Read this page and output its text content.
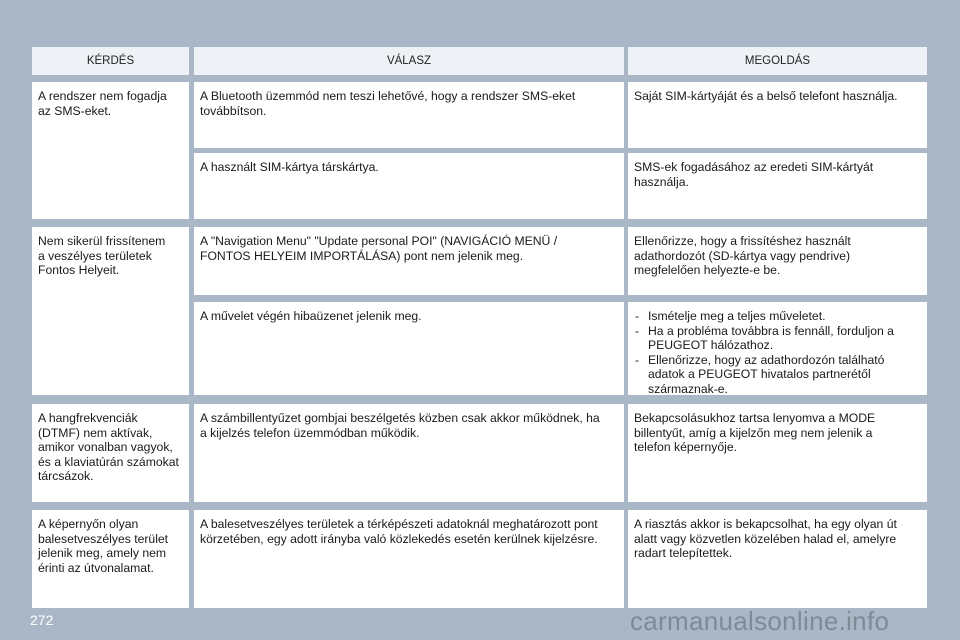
KÉRDÉS	VÁLASZ	MEGOLDÁS
A rendszer nem fogadja
az SMS-eket.
A Bluetooth üzemmód nem teszi lehetővé, hogy a rendszer SMS-eket
továbbítson.
Saját SIM-kártyáját és a belső telefont használja.
A használt SIM-kártya társkártya.	SMS-ek fogadásához az eredeti SIM-kártyát
használja.
Nem sikerül frissítenem
a veszélyes területek
Fontos Helyeit.
A "Navigation Menu" "Update personal POI" (NAVIGÁCIÓ MENÜ /
FONTOS HELYEIM IMPORTÁLÁSA) pont nem jelenik meg.
Ellenőrizze, hogy a frissítéshez használt
adathordozót (SD-kártya vagy pendrive)
megfelelően helyezte-e be.
A művelet végén hibaüzenet jelenik meg.
-	Ismételje meg a teljes műveletet.
- Ha a probléma továbbra is fennáll, forduljon a
PEUGEOT hálózathoz.
- Ellenőrizze, hogy az adathordozón található
adatok a PEUGEOT hivatalos partnerétől
származnak-e.
A hangfrekvenciák
(DTMF) nem aktívak,
amikor vonalban vagyok,
és a klaviatúrán számokat
tárcsázok.
A számbillentyűzet gombjai beszélgetés közben csak akkor működnek, ha
a kijelzés telefon üzemmódban működik.
Bekapcsolásukhoz tartsa lenyomva a MODE
billentyűt, amíg a kijelzőn meg nem jelenik a
telefon képernyője.
A képernyőn olyan
balesetveszélyes terület
jelenik meg, amely nem
érinti az útvonalamat.
A balesetveszélyes területek a térképészeti adatoknál meghatározott pont
körzetében, egy adott irányba való közlekedés esetén kerülnek kijelzésre.
A riasztás akkor is bekapcsolhat, ha egy olyan út
alatt vagy közvetlen közelében halad el, amelyre
radart telepítettek.
272	carmanualsonline.info
